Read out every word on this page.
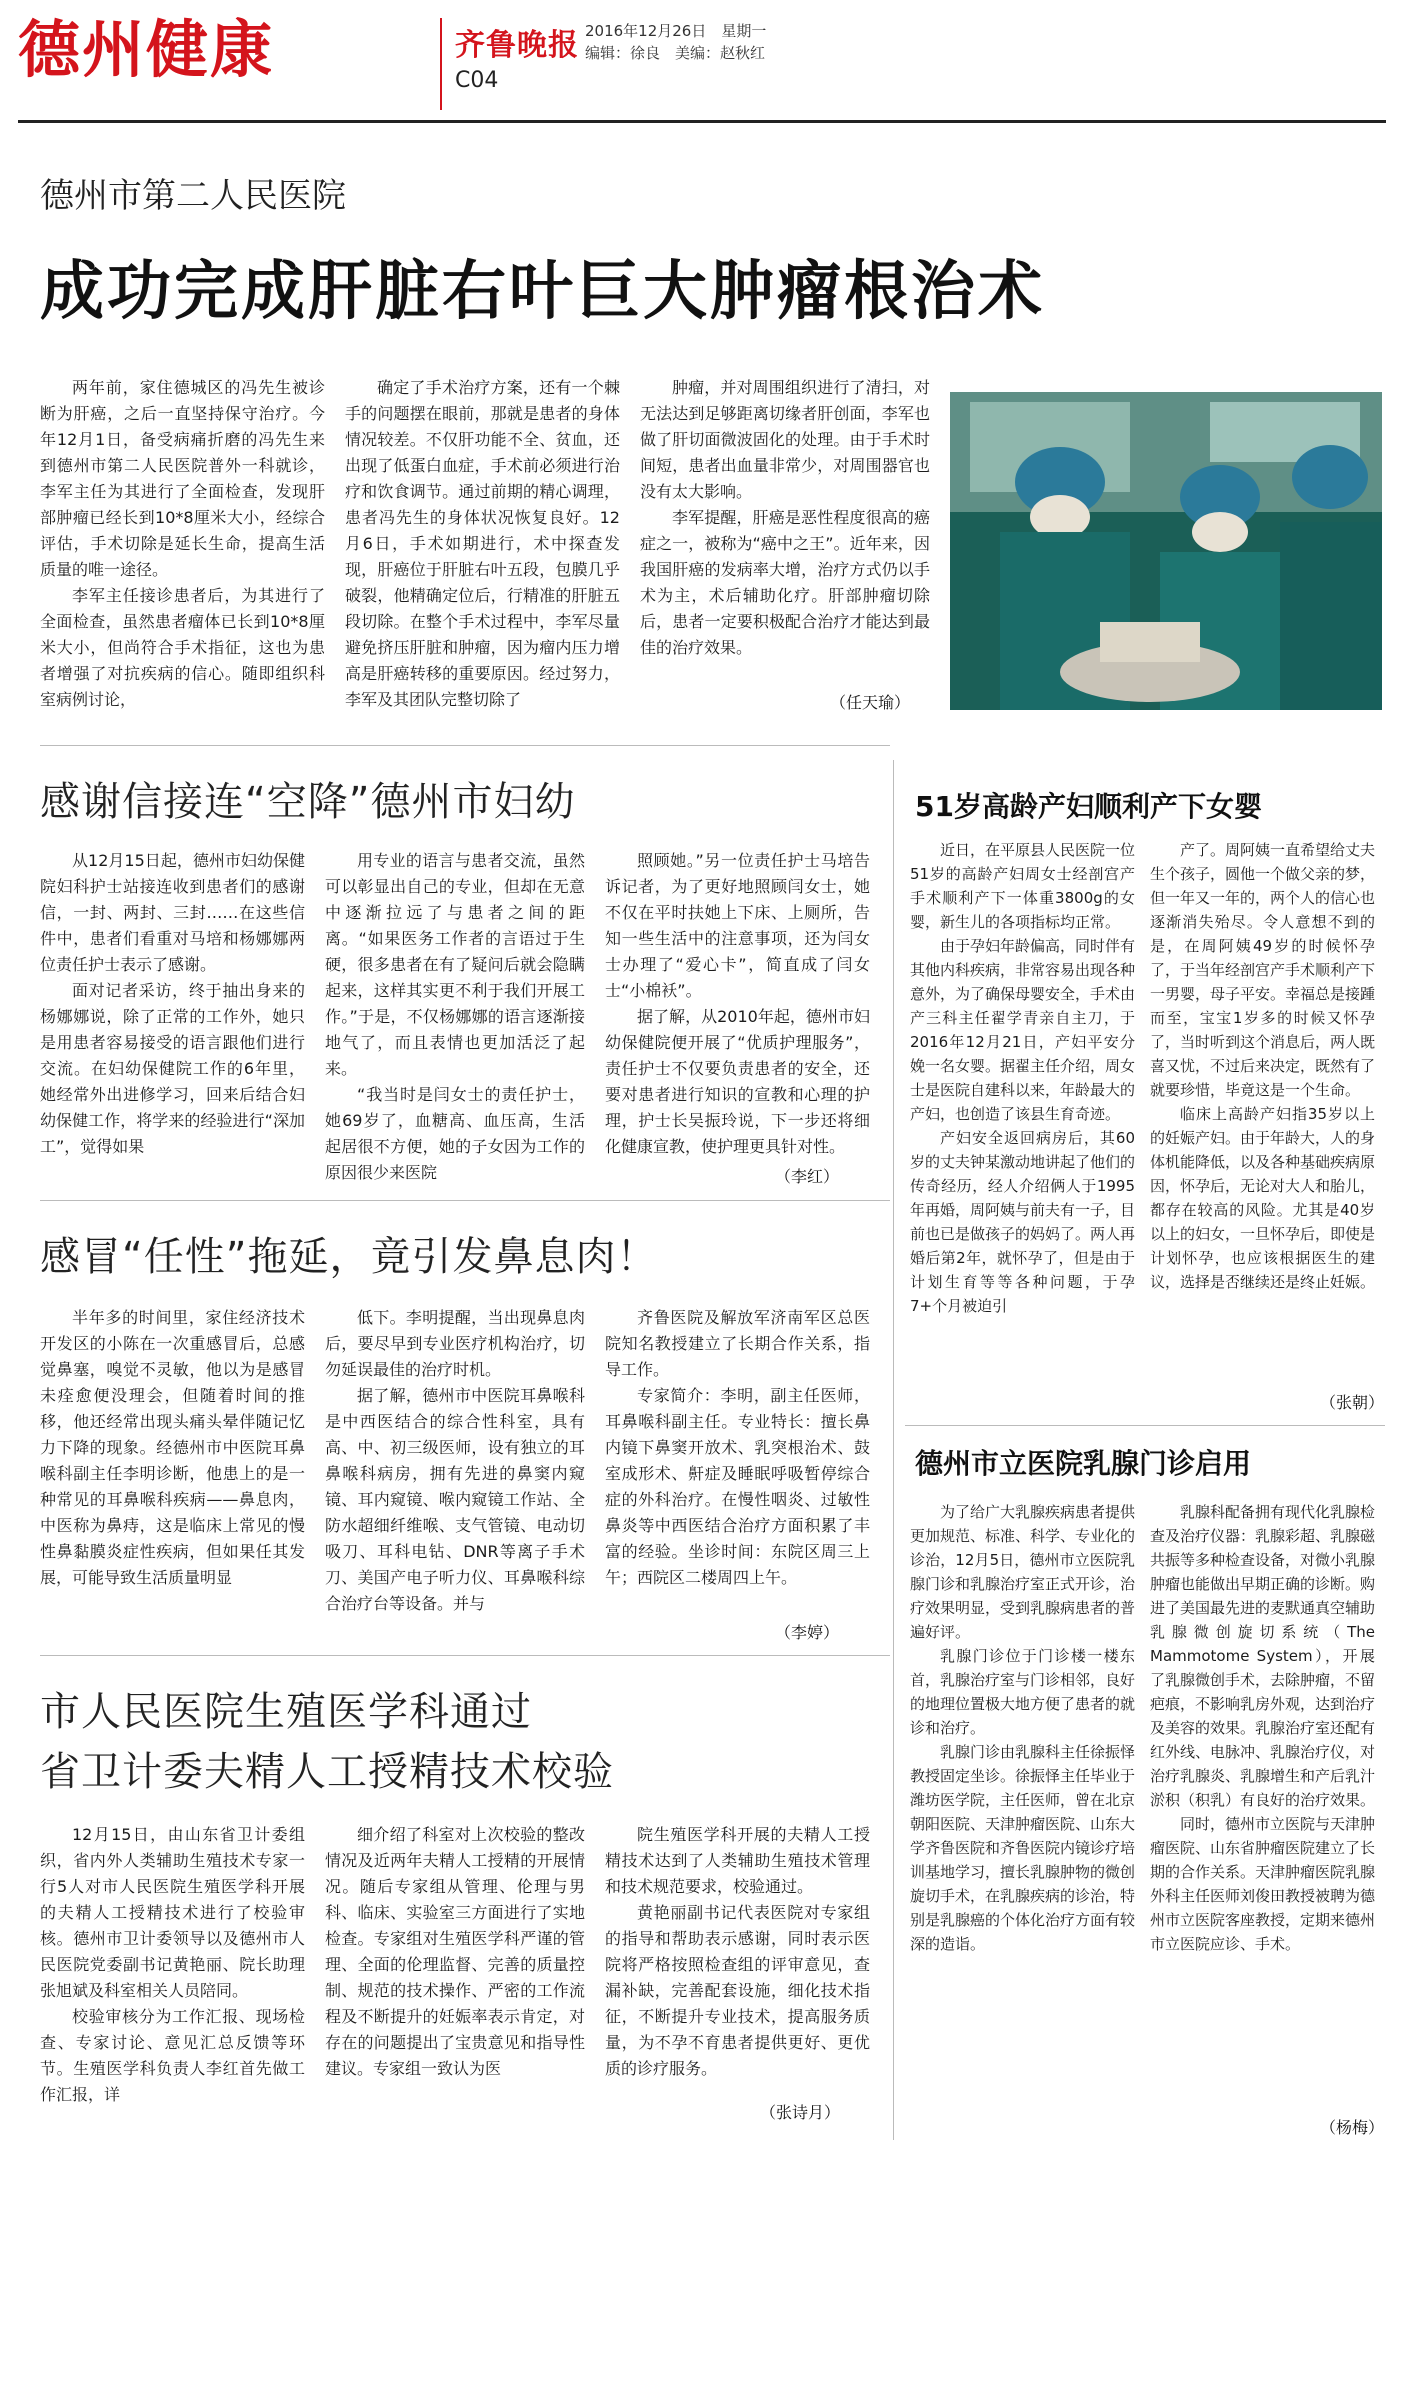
德州健康	齐鲁晚报
C04
2016年12月26日　星期一
编辑：徐良　美编：赵秋红
德州市第二人民医院
成功完成肝脏右叶巨大肿瘤根治术

两年前，家住德城区的冯先生被诊断为肝癌，之后一直坚持保守治疗。今年12月1日，备受病痛折磨的冯先生来到德州市第二人民医院普外一科就诊，李军主任为其进行了全面检查，发现肝部肿瘤已经长到10*8厘米大小，经综合评估，手术切除是延长生命，提高生活质量的唯一途径。

李军主任接诊患者后，为其进行了全面检查，虽然患者瘤体已长到10*8厘米大小，但尚符合手术指征，这也为患者增强了对抗疾病的信心。随即组织科室病例讨论，

确定了手术治疗方案，还有一个棘手的问题摆在眼前，那就是患者的身体情况较差。不仅肝功能不全、贫血，还出现了低蛋白血症，手术前必须进行治疗和饮食调节。通过前期的精心调理，患者冯先生的身体状况恢复良好。12月6日，手术如期进行，术中探查发现，肝癌位于肝脏右叶五段，包膜几乎破裂，他精确定位后，行精准的肝脏五段切除。在整个手术过程中，李军尽量避免挤压肝脏和肿瘤，因为瘤内压力增高是肝癌转移的重要原因。经过努力，李军及其团队完整切除了

肿瘤，并对周围组织进行了清扫，对无法达到足够距离切缘者肝创面，李军也做了肝切面微波固化的处理。由于手术时间短，患者出血量非常少，对周围器官也没有太大影响。

李军提醒，肝癌是恶性程度很高的癌症之一，被称为“癌中之王”。近年来，因我国肝癌的发病率大增，治疗方式仍以手术为主，术后辅助化疗。肝部肿瘤切除后，患者一定要积极配合治疗才能达到最佳的治疗效果。

（任天瑜）
感谢信接连“空降”德州市妇幼

从12月15日起，德州市妇幼保健院妇科护士站接连收到患者们的感谢信，一封、两封、三封……在这些信件中，患者们看重对马培和杨娜娜两位责任护士表示了感谢。

面对记者采访，终于抽出身来的杨娜娜说，除了正常的工作外，她只是用患者容易接受的语言跟他们进行交流。在妇幼保健院工作的6年里，她经常外出进修学习，回来后结合妇幼保健工作，将学来的经验进行“深加工”，觉得如果

用专业的语言与患者交流，虽然可以彰显出自己的专业，但却在无意中逐渐拉远了与患者之间的距离。“如果医务工作者的言语过于生硬，很多患者在有了疑问后就会隐瞒起来，这样其实更不利于我们开展工作。”于是，不仅杨娜娜的语言逐渐接地气了，而且表情也更加活泛了起来。

“我当时是闫女士的责任护士，她69岁了，血糖高、血压高，生活起居很不方便，她的子女因为工作的原因很少来医院

照顾她。”另一位责任护士马培告诉记者，为了更好地照顾闫女士，她不仅在平时扶她上下床、上厕所，告知一些生活中的注意事项，还为闫女士办理了“爱心卡”，简直成了闫女士“小棉袄”。

据了解，从2010年起，德州市妇幼保健院便开展了“优质护理服务”，责任护士不仅要负责患者的安全，还要对患者进行知识的宣教和心理的护理，护士长吴振玲说，下一步还将细化健康宣教，使护理更具针对性。

（李红）
感冒“任性”拖延，竟引发鼻息肉！

半年多的时间里，家住经济技术开发区的小陈在一次重感冒后，总感觉鼻塞，嗅觉不灵敏，他以为是感冒未痊愈便没理会，但随着时间的推移，他还经常出现头痛头晕伴随记忆力下降的现象。经德州市中医院耳鼻喉科副主任李明诊断，他患上的是一种常见的耳鼻喉科疾病——鼻息肉，中医称为鼻痔，这是临床上常见的慢性鼻黏膜炎症性疾病，但如果任其发展，可能导致生活质量明显

低下。李明提醒，当出现鼻息肉后，要尽早到专业医疗机构治疗，切勿延误最佳的治疗时机。

据了解，德州市中医院耳鼻喉科是中西医结合的综合性科室，具有高、中、初三级医师，设有独立的耳鼻喉科病房，拥有先进的鼻窦内窥镜、耳内窥镜、喉内窥镜工作站、全防水超细纤维喉、支气管镜、电动切吸刀、耳科电钻、DNR等离子手术刀、美国产电子听力仪、耳鼻喉科综合治疗台等设备。并与

齐鲁医院及解放军济南军区总医院知名教授建立了长期合作关系，指导工作。

专家简介：李明，副主任医师，耳鼻喉科副主任。专业特长：擅长鼻内镜下鼻窦开放术、乳突根治术、鼓室成形术、鼾症及睡眠呼吸暂停综合症的外科治疗。在慢性咽炎、过敏性鼻炎等中西医结合治疗方面积累了丰富的经验。坐诊时间：东院区周三上午；西院区二楼周四上午。

（李婷）
市人民医院生殖医学科通过
省卫计委夫精人工授精技术校验

12月15日，由山东省卫计委组织，省内外人类辅助生殖技术专家一行5人对市人民医院生殖医学科开展的夫精人工授精技术进行了校验审核。德州市卫计委领导以及德州市人民医院党委副书记黄艳丽、院长助理张旭斌及科室相关人员陪同。

校验审核分为工作汇报、现场检查、专家讨论、意见汇总反馈等环节。生殖医学科负责人李红首先做工作汇报，详

细介绍了科室对上次校验的整改情况及近两年夫精人工授精的开展情况。随后专家组从管理、伦理与男科、临床、实验室三方面进行了实地检查。专家组对生殖医学科严谨的管理、全面的伦理监督、完善的质量控制、规范的技术操作、严密的工作流程及不断提升的妊娠率表示肯定，对存在的问题提出了宝贵意见和指导性建议。专家组一致认为医

院生殖医学科开展的夫精人工授精技术达到了人类辅助生殖技术管理和技术规范要求，校验通过。

黄艳丽副书记代表医院对专家组的指导和帮助表示感谢，同时表示医院将严格按照检查组的评审意见，查漏补缺，完善配套设施，细化技术指征，不断提升专业技术，提高服务质量，为不孕不育患者提供更好、更优质的诊疗服务。

（张诗月）
51岁高龄产妇顺利产下女婴

近日，在平原县人民医院一位51岁的高龄产妇周女士经剖宫产手术顺利产下一体重3800g的女婴，新生儿的各项指标均正常。

由于孕妇年龄偏高，同时伴有其他内科疾病，非常容易出现各种意外，为了确保母婴安全，手术由产三科主任翟学青亲自主刀，于2016年12月21日，产妇平安分娩一名女婴。据翟主任介绍，周女士是医院自建科以来，年龄最大的产妇，也创造了该县生育奇迹。

产妇安全返回病房后，其60岁的丈夫钟某激动地讲起了他们的传奇经历，经人介绍俩人于1995年再婚，周阿姨与前夫有一子，目前也已是做孩子的妈妈了。两人再婚后第2年，就怀孕了，但是由于计划生育等等各种问题，于孕7+个月被迫引

产了。周阿姨一直希望给丈夫生个孩子，圆他一个做父亲的梦，但一年又一年的，两个人的信心也逐渐消失殆尽。令人意想不到的是，在周阿姨49岁的时候怀孕了，于当年经剖宫产手术顺利产下一男婴，母子平安。幸福总是接踵而至，宝宝1岁多的时候又怀孕了，当时听到这个消息后，两人既喜又忧，不过后来决定，既然有了就要珍惜，毕竟这是一个生命。

临床上高龄产妇指35岁以上的妊娠产妇。由于年龄大，人的身体机能降低，以及各种基础疾病原因，怀孕后，无论对大人和胎儿，都存在较高的风险。尤其是40岁以上的妇女，一旦怀孕后，即使是计划怀孕，也应该根据医生的建议，选择是否继续还是终止妊娠。

（张朝）
德州市立医院乳腺门诊启用

为了给广大乳腺疾病患者提供更加规范、标准、科学、专业化的诊治，12月5日，德州市立医院乳腺门诊和乳腺治疗室正式开诊，治疗效果明显，受到乳腺病患者的普遍好评。

乳腺门诊位于门诊楼一楼东首，乳腺治疗室与门诊相邻，良好的地理位置极大地方便了患者的就诊和治疗。

乳腺门诊由乳腺科主任徐振怿教授固定坐诊。徐振怿主任毕业于潍坊医学院，主任医师，曾在北京朝阳医院、天津肿瘤医院、山东大学齐鲁医院和齐鲁医院内镜诊疗培训基地学习，擅长乳腺肿物的微创旋切手术，在乳腺疾病的诊治，特别是乳腺癌的个体化治疗方面有较深的造诣。

乳腺科配备拥有现代化乳腺检查及治疗仪器：乳腺彩超、乳腺磁共振等多种检查设备，对微小乳腺肿瘤也能做出早期正确的诊断。购进了美国最先进的麦默通真空辅助乳腺微创旋切系统（The Mammotome System），开展了乳腺微创手术，去除肿瘤，不留疤痕，不影响乳房外观，达到治疗及美容的效果。乳腺治疗室还配有红外线、电脉冲、乳腺治疗仪，对治疗乳腺炎、乳腺增生和产后乳汁淤积（积乳）有良好的治疗效果。

同时，德州市立医院与天津肿瘤医院、山东省肿瘤医院建立了长期的合作关系。天津肿瘤医院乳腺外科主任医师刘俊田教授被聘为德州市立医院客座教授，定期来德州市立医院应诊、手术。

（杨梅）
